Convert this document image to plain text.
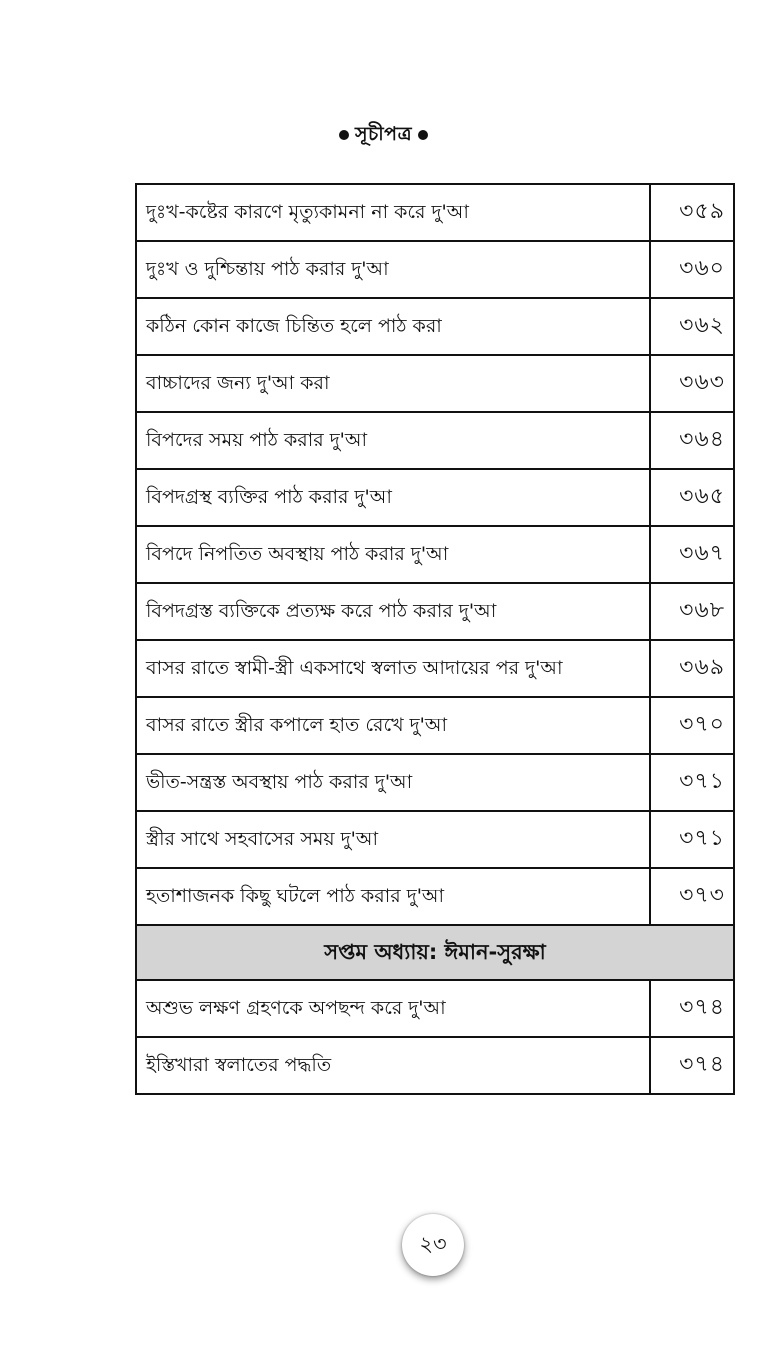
সূচীপত্র
দুঃখ-কষ্টের কারণে মৃত্যুকামনা না করে দু'আ	৩৫৯
দুঃখ ও দুশ্চিন্তায় পাঠ করার দু'আ	৩৬০
কঠিন কোন কাজে চিন্তিত হলে পাঠ করা	৩৬২
বাচ্চাদের জন্য দু'আ করা	৩৬৩
বিপদের সময় পাঠ করার দু'আ	৩৬৪
বিপদগ্রস্থ ব্যক্তির পাঠ করার দু'আ	৩৬৫
বিপদে নিপতিত অবস্থায় পাঠ করার দু'আ	৩৬৭
বিপদগ্রস্ত ব্যক্তিকে প্রত্যক্ষ করে পাঠ করার দু'আ	৩৬৮
বাসর রাতে স্বামী-স্ত্রী একসাথে স্বলাত আদায়ের পর দু'আ	৩৬৯
বাসর রাতে স্ত্রীর কপালে হাত রেখে দু'আ	৩৭০
ভীত-সন্ত্রস্ত অবস্থায় পাঠ করার দু'আ	৩৭১
স্ত্রীর সাথে সহবাসের সময় দু'আ	৩৭১
হতাশাজনক কিছু ঘটলে পাঠ করার দু'আ	৩৭৩
সপ্তম অধ্যায়: ঈমান-সুরক্ষা	
অশুভ লক্ষণ গ্রহণকে অপছন্দ করে দু'আ	৩৭৪
ইস্তিখারা স্বলাতের পদ্ধতি	৩৭৪
২৩
